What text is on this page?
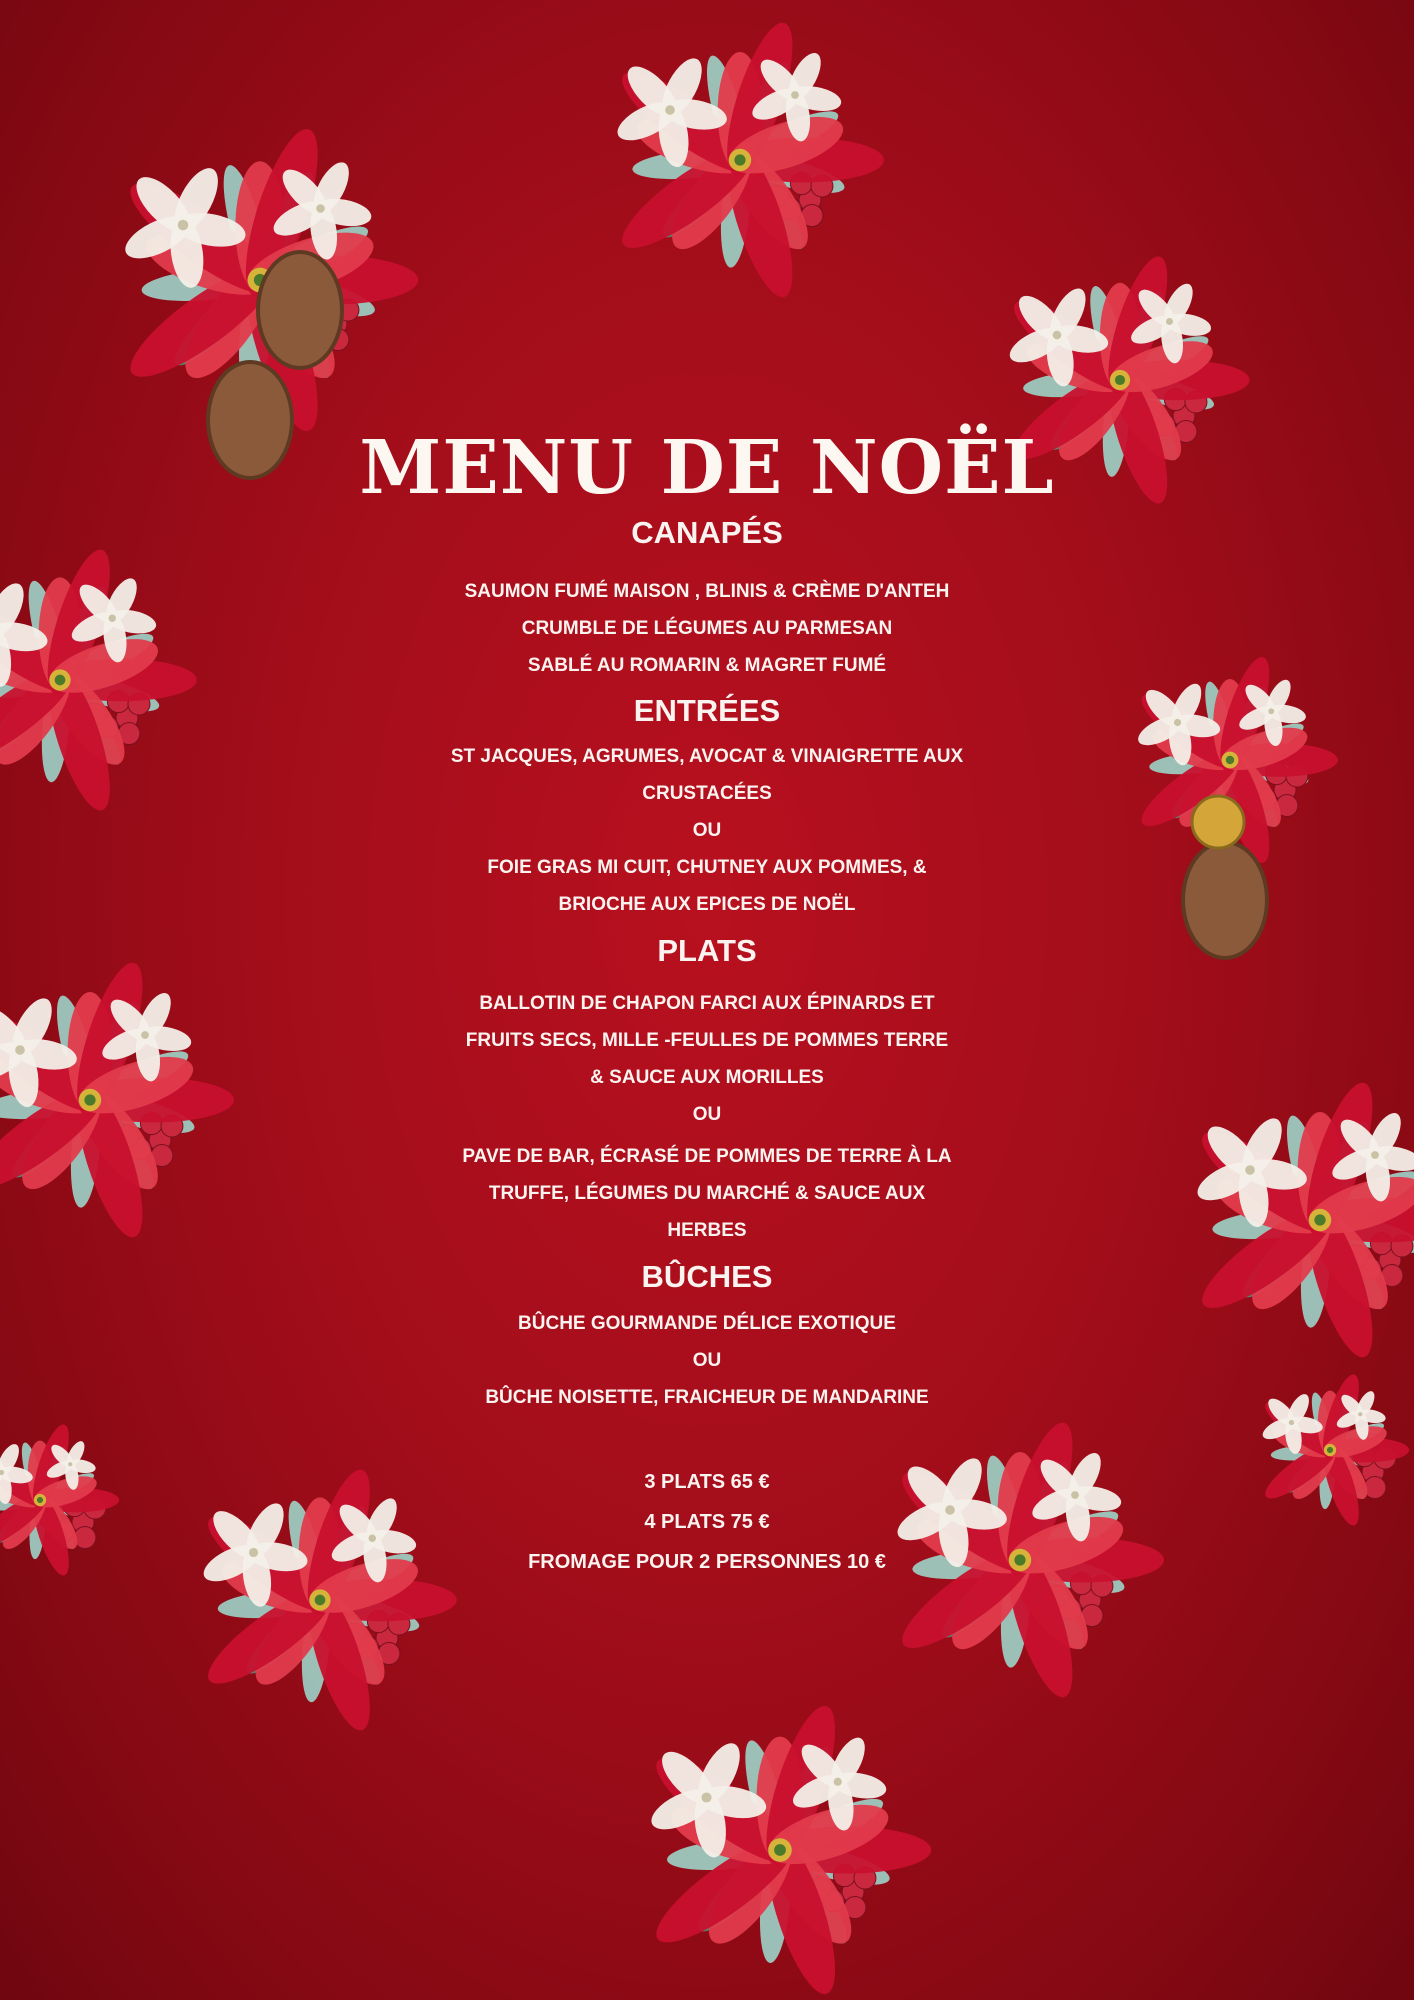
MENU DE NOËL
CANAPÉS

SAUMON FUMÉ MAISON , BLINIS & CRÈME D'ANTEH

CRUMBLE DE LÉGUMES AU PARMESAN

SABLÉ AU ROMARIN & MAGRET FUMÉ

ENTRÉES

ST JACQUES, AGRUMES, AVOCAT & VINAIGRETTE AUX

CRUSTACÉES

OU

FOIE GRAS MI CUIT, CHUTNEY AUX POMMES, &

BRIOCHE AUX EPICES DE NOËL

PLATS

BALLOTIN DE CHAPON FARCI AUX ÉPINARDS ET

FRUITS SECS, MILLE -FEULLES DE POMMES TERRE

& SAUCE AUX MORILLES

OU

PAVE DE BAR, ÉCRASÉ DE POMMES DE TERRE À LA

TRUFFE, LÉGUMES DU MARCHÉ & SAUCE AUX

HERBES

BÛCHES

BÛCHE GOURMANDE DÉLICE EXOTIQUE

OU

BÛCHE NOISETTE, FRAICHEUR DE MANDARINE

3 PLATS 65 €

4 PLATS 75 €

FROMAGE POUR 2 PERSONNES 10 €
